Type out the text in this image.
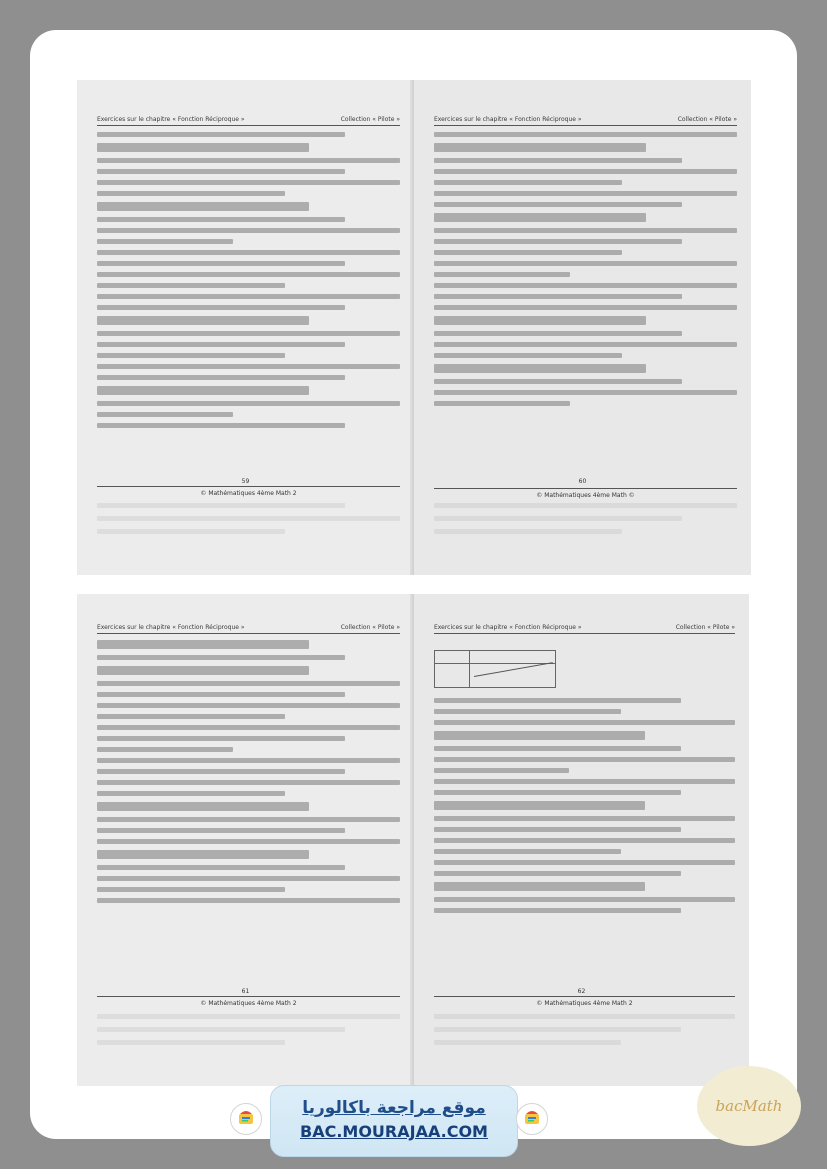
Exercices sur le chapitre « Fonction Réciproque »	Collection « Pilote »
59
© Mathématiques 4ème Math 2
Exercices sur le chapitre « Fonction Réciproque »	Collection « Pilote »
60
© Mathématiques 4ème Math ©
Exercices sur le chapitre « Fonction Réciproque »	Collection « Pilote »
61
© Mathématiques 4ème Math 2
Exercices sur le chapitre « Fonction Réciproque »	Collection « Pilote »
62
© Mathématiques 4ème Math 2
موقع مراجعة باكالوريا
BAC.MOURAJAA.COM
bacMath
